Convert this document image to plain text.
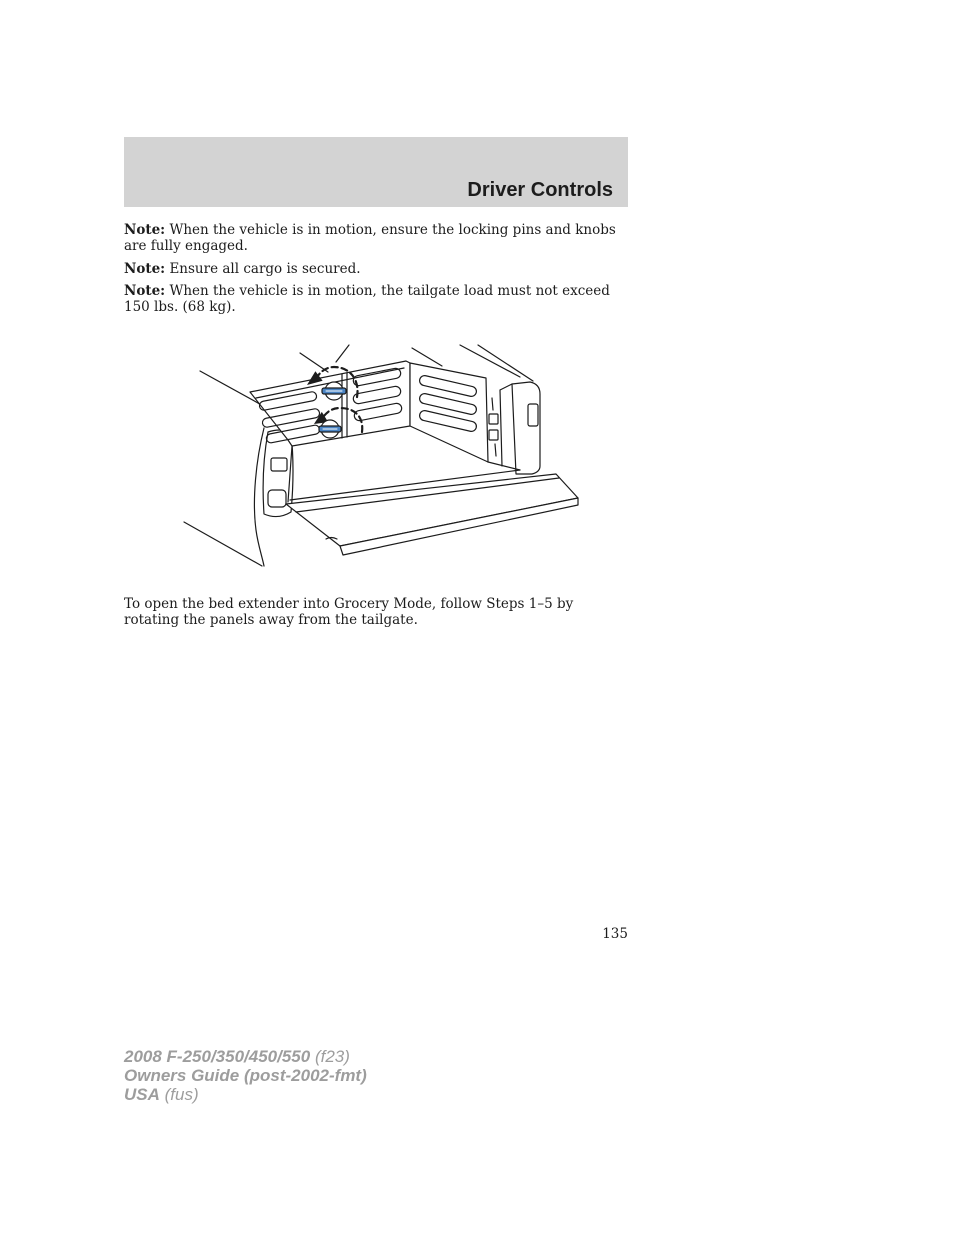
Driver Controls

Note: When the vehicle is in motion, ensure the locking pins and knobs
are fully engaged.

Note: Ensure all cargo is secured.

Note: When the vehicle is in motion, the tailgate load must not exceed
150 lbs. (68 kg).

To open the bed extender into Grocery Mode, follow Steps 1–5 by
rotating the panels away from the tailgate.

135
2008 F-250/350/450/550 (f23)
Owners Guide (post-2002-fmt)
USA (fus)
